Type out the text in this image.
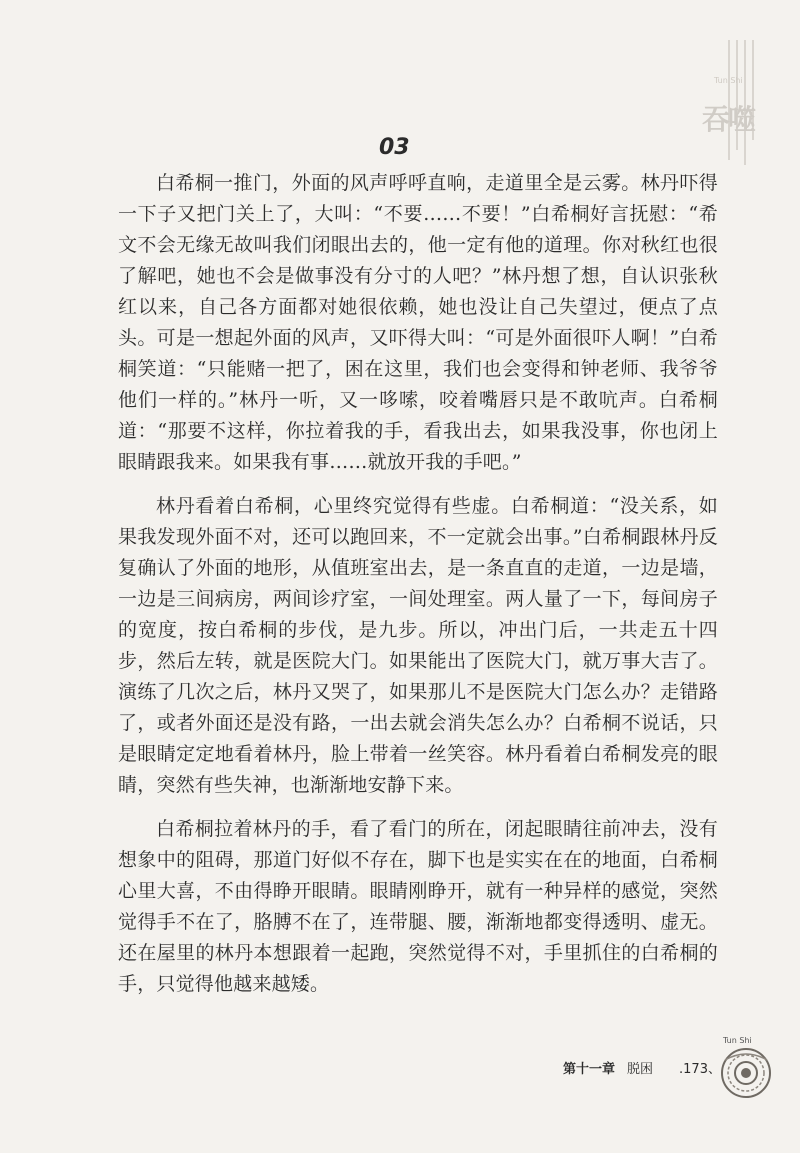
Tun Shi
吞噬
03

白希桐一推门，外面的风声呼呼直响，走道里全是云雾。林丹吓得一下子又把门关上了，大叫：“不要……不要！”白希桐好言抚慰：“希文不会无缘无故叫我们闭眼出去的，他一定有他的道理。你对秋红也很了解吧，她也不会是做事没有分寸的人吧？”林丹想了想，自认识张秋红以来，自己各方面都对她很依赖，她也没让自己失望过，便点了点头。可是一想起外面的风声，又吓得大叫：“可是外面很吓人啊！”白希桐笑道：“只能赌一把了，困在这里，我们也会变得和钟老师、我爷爷他们一样的。”林丹一听，又一哆嗦，咬着嘴唇只是不敢吭声。白希桐道：“那要不这样，你拉着我的手，看我出去，如果我没事，你也闭上眼睛跟我来。如果我有事……就放开我的手吧。”

林丹看着白希桐，心里终究觉得有些虚。白希桐道：“没关系，如果我发现外面不对，还可以跑回来，不一定就会出事。”白希桐跟林丹反复确认了外面的地形，从值班室出去，是一条直直的走道，一边是墙，一边是三间病房，两间诊疗室，一间处理室。两人量了一下，每间房子的宽度，按白希桐的步伐，是九步。所以，冲出门后，一共走五十四步，然后左转，就是医院大门。如果能出了医院大门，就万事大吉了。演练了几次之后，林丹又哭了，如果那儿不是医院大门怎么办？走错路了，或者外面还是没有路，一出去就会消失怎么办？白希桐不说话，只是眼睛定定地看着林丹，脸上带着一丝笑容。林丹看着白希桐发亮的眼睛，突然有些失神，也渐渐地安静下来。

白希桐拉着林丹的手，看了看门的所在，闭起眼睛往前冲去，没有想象中的阻碍，那道门好似不存在，脚下也是实实在在的地面，白希桐心里大喜，不由得睁开眼睛。眼睛刚睁开，就有一种异样的感觉，突然觉得手不在了，胳膊不在了，连带腿、腰，渐渐地都变得透明、虚无。还在屋里的林丹本想跟着一起跑，突然觉得不对，手里抓住的白希桐的手，只觉得他越来越矮。

第十一章 脱困 .173、
Tun Shi
